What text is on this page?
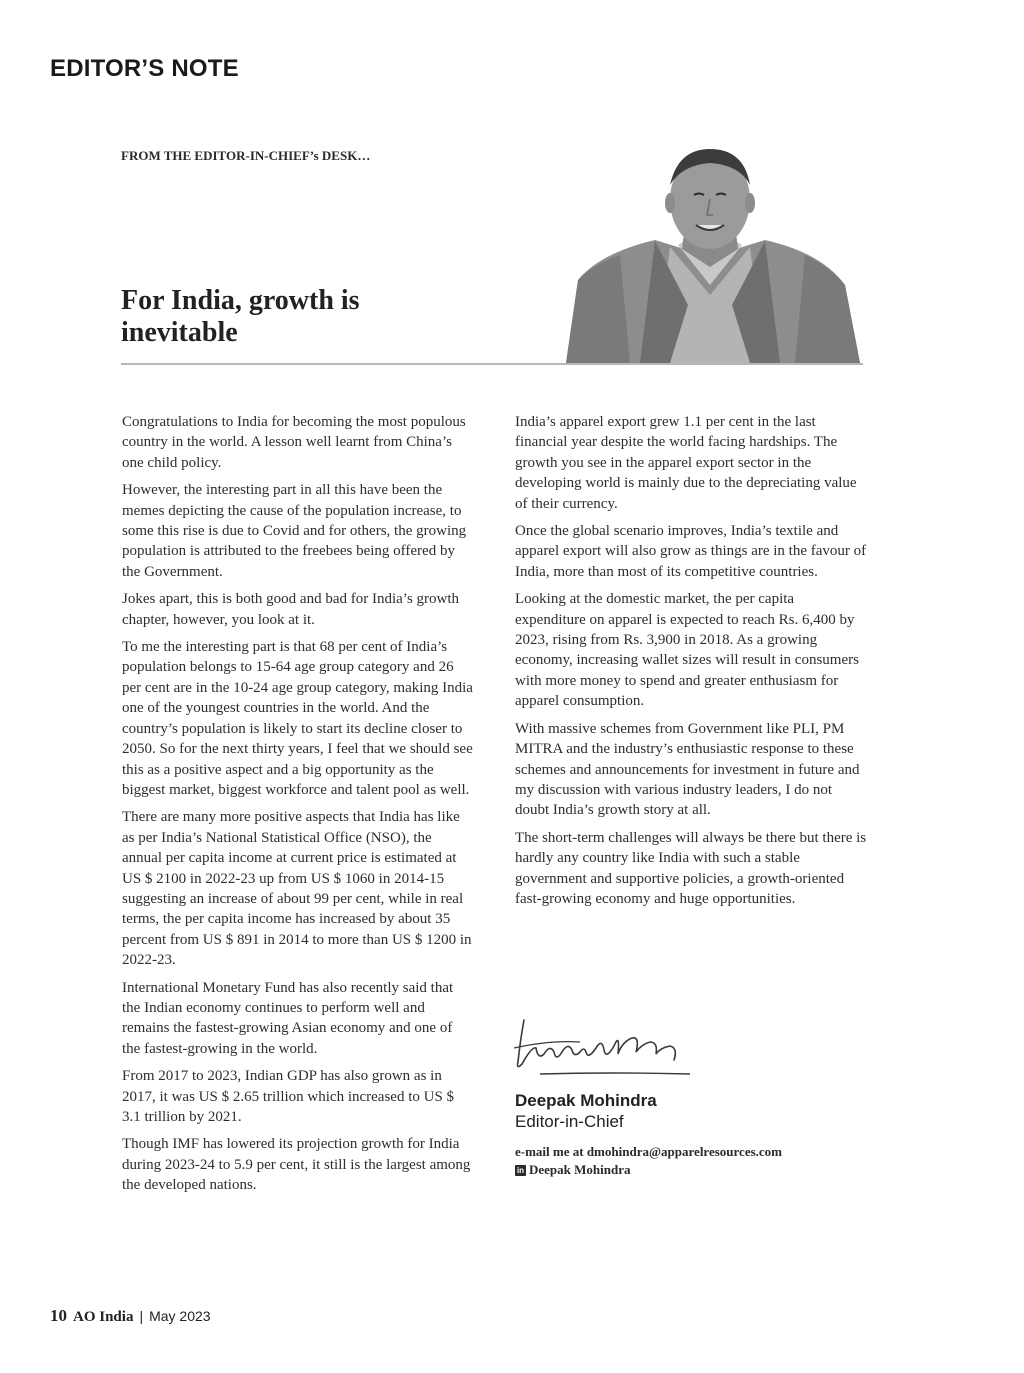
EDITOR’S NOTE
FROM THE EDITOR-IN-CHIEF’s DESK…
For India, growth is inevitable

Congratulations to India for becoming the most populous country in the world. A lesson well learnt from China’s one child policy.

However, the interesting part in all this have been the memes depicting the cause of the population increase, to some this rise is due to Covid and for others, the growing population is attributed to the freebees being offered by the Government.

Jokes apart, this is both good and bad for India’s growth chapter, however, you look at it.

To me the interesting part is that 68 per cent of India’s population belongs to 15-64 age group category and 26 per cent are in the 10-24 age group category, making India one of the youngest countries in the world. And the country’s population is likely to start its decline closer to 2050. So for the next thirty years, I feel that we should see this as a positive aspect and a big opportunity as the biggest market, biggest workforce and talent pool as well.

There are many more positive aspects that India has like as per India’s National Statistical Office (NSO), the annual per capita income at current price is estimated at US $ 2100 in 2022-23 up from US $ 1060 in 2014-15 suggesting an increase of about 99 per cent, while in real terms, the per capita income has increased by about 35 percent from US $ 891 in 2014 to more than US $ 1200 in 2022-23.

International Monetary Fund has also recently said that the Indian economy continues to perform well and remains the fastest-growing Asian economy and one of the fastest-growing in the world.

From 2017 to 2023, Indian GDP has also grown as in 2017, it was US $ 2.65 trillion which increased to US $ 3.1 trillion by 2021.

Though IMF has lowered its projection growth for India during 2023-24 to 5.9 per cent, it still is the largest among the developed nations.

India’s apparel export grew 1.1 per cent in the last financial year despite the world facing hardships. The growth you see in the apparel export sector in the developing world is mainly due to the depreciating value of their currency.

Once the global scenario improves, India’s textile and apparel export will also grow as things are in the favour of India, more than most of its competitive countries.

Looking at the domestic market, the per capita expenditure on apparel is expected to reach Rs. 6,400 by 2023, rising from Rs. 3,900 in 2018. As a growing economy, increasing wallet sizes will result in consumers with more money to spend and greater enthusiasm for apparel consumption.

With massive schemes from Government like PLI, PM MITRA and the industry’s enthusiastic response to these schemes and announcements for investment in future and my discussion with various industry leaders, I do not doubt India’s growth story at all.

The short-term challenges will always be there but there is hardly any country like India with such a stable government and supportive policies, a growth-oriented fast-growing economy and huge opportunities.

Deepak Mohindra
Editor-in-Chief
e-mail me at dmohindra@apparelresources.com
in Deepak Mohindra
10 AO India | May 2023
